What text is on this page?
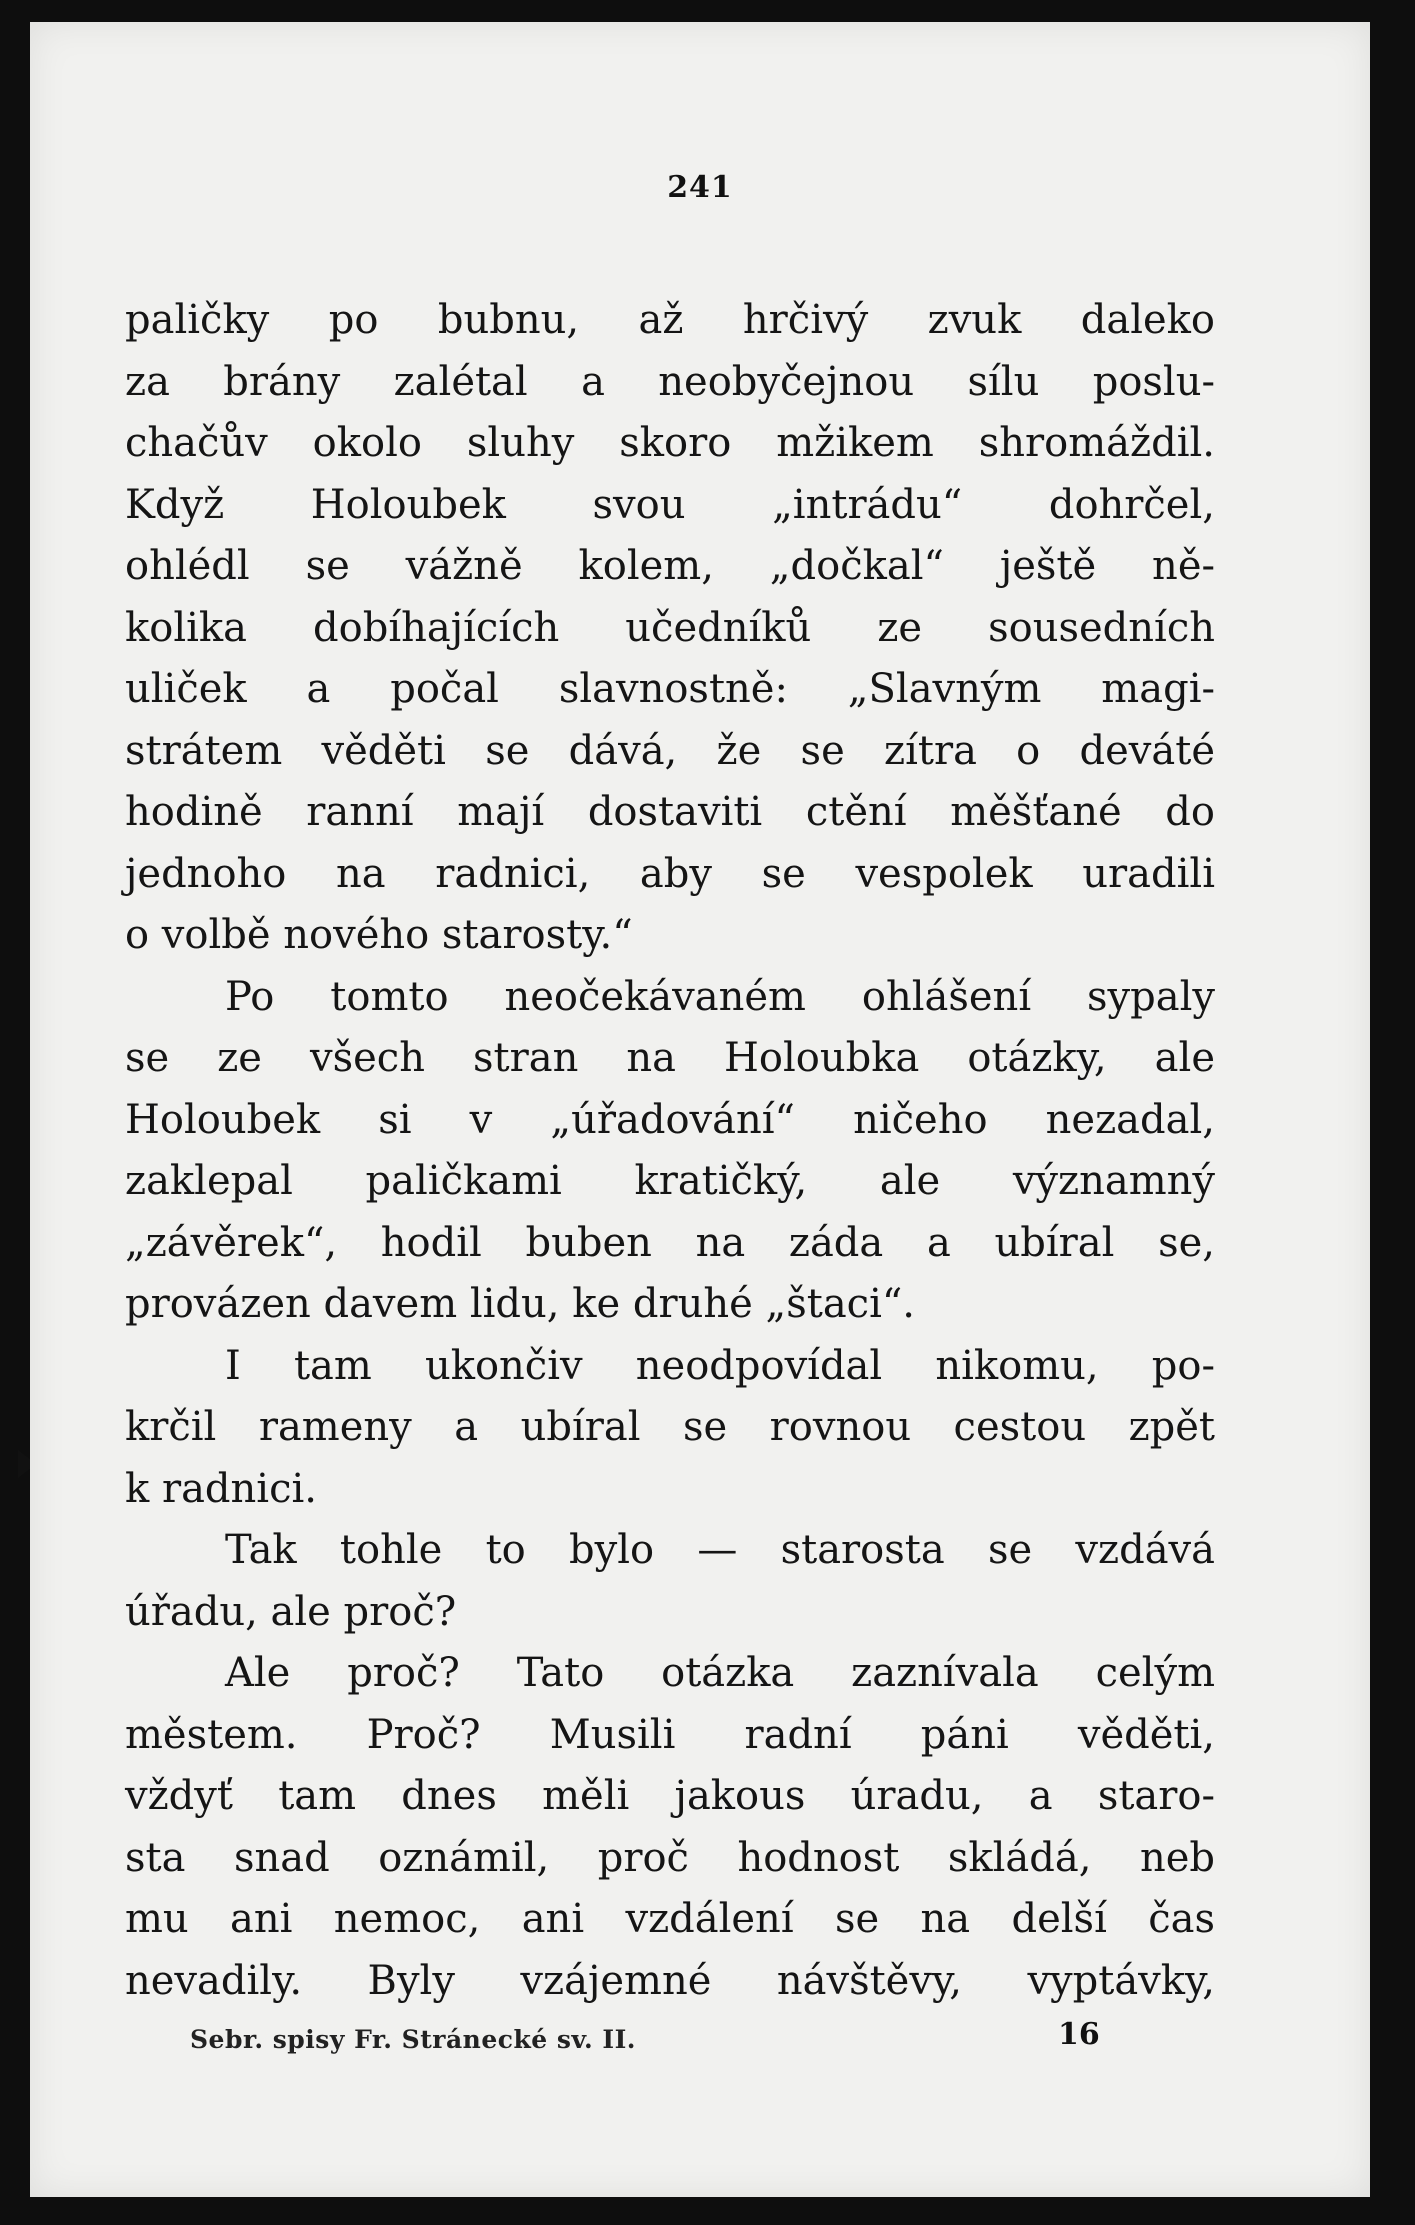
241
paličky po bubnu, až hrčivý zvuk daleko
za brány zalétal a neobyčejnou sílu poslu-
chačův okolo sluhy skoro mžikem shromáždil.
Když Holoubek svou „intrádu“ dohrčel,
ohlédl se vážně kolem, „dočkal“ ještě ně-
kolika dobíhajících učedníků ze sousedních
uliček a počal slavnostně: „Slavným magi-
strátem věděti se dává, že se zítra o deváté
hodině ranní mají dostaviti ctění měšťané do
jednoho na radnici, aby se vespolek uradili
o volbě nového starosty.“
Po tomto neočekávaném ohlášení sypaly
se ze všech stran na Holoubka otázky, ale
Holoubek si v „úřadování“ ničeho nezadal,
zaklepal paličkami kratičký, ale významný
„závěrek“, hodil buben na záda a ubíral se,
provázen davem lidu, ke druhé „štaci“.
I tam ukončiv neodpovídal nikomu, po-
krčil rameny a ubíral se rovnou cestou zpět
k radnici.
Tak tohle to bylo — starosta se vzdává
úřadu, ale proč?
Ale proč? Tato otázka zaznívala celým
městem. Proč? Musili radní páni věděti,
vždyť tam dnes měli jakous úradu, a staro-
sta snad oznámil, proč hodnost skládá, neb
mu ani nemoc, ani vzdálení se na delší čas
nevadily. Byly vzájemné návštěvy, vyptávky,
Sebr. spisy Fr. Stránecké sv. II.	16
